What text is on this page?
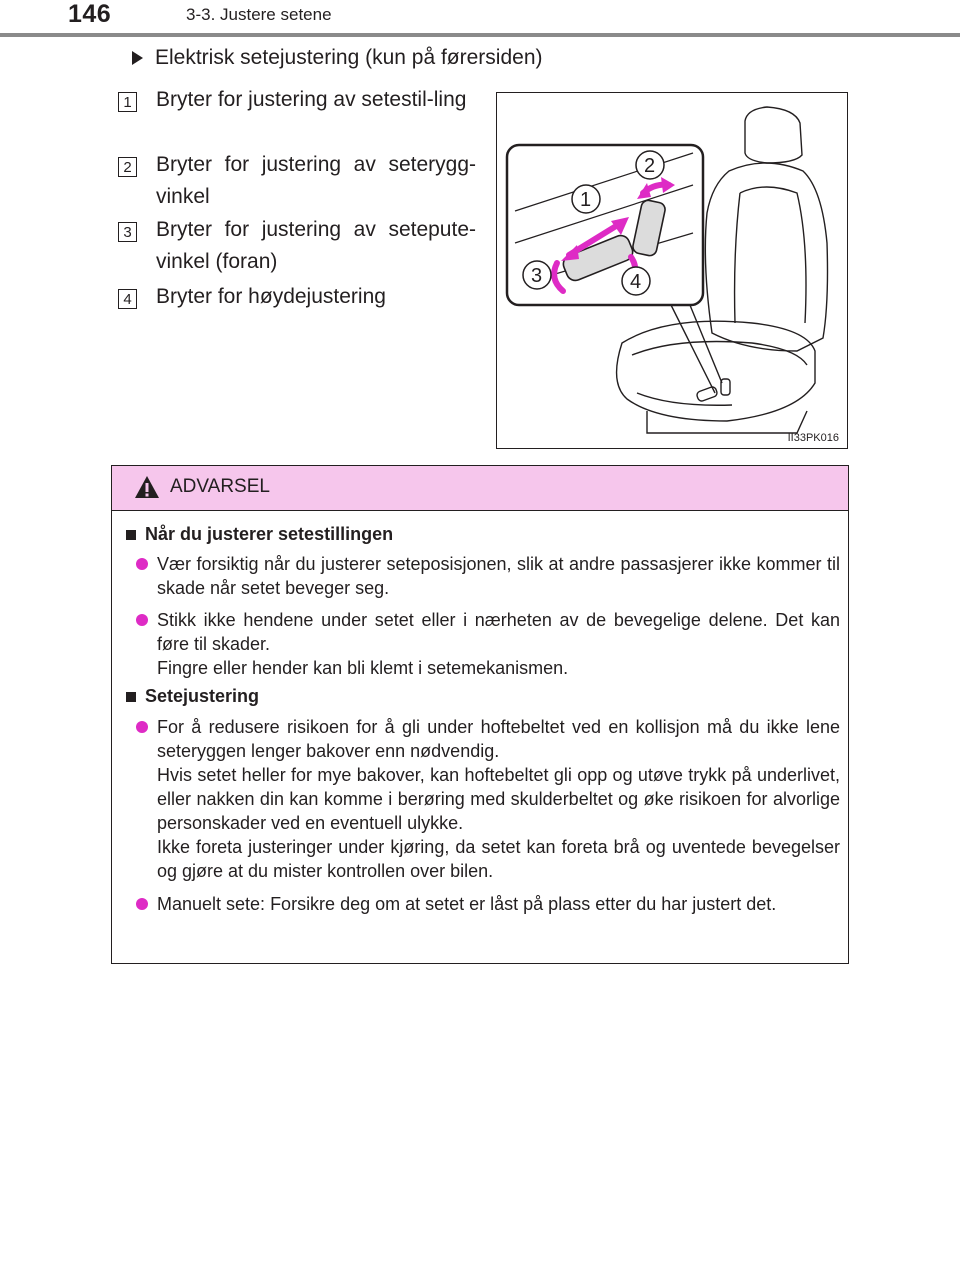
146	3-3. Justere setene
Elektrisk setejustering (kun på førersiden)
1 Bryter for justering av setestil-ling
2 Bryter for justering av seterygg-vinkel
3 Bryter for justering av setepute-vinkel (foran)
4 Bryter for høydejustering
1
2
3	4
II33PK016
ADVARSEL
Når du justerer setestillingen

Vær forsiktig når du justerer seteposisjonen, slik at andre passasjerer ikke kommer til skade når setet beveger seg.

Stikk ikke hendene under setet eller i nærheten av de bevegelige delene. Det kan føre til skader.

Fingre eller hender kan bli klemt i setemekanismen.

Setejustering

For å redusere risikoen for å gli under hoftebeltet ved en kollisjon må du ikke lene seteryggen lenger bakover enn nødvendig.

Hvis setet heller for mye bakover, kan hoftebeltet gli opp og utøve trykk på underlivet, eller nakken din kan komme i berøring med skulderbeltet og øke risikoen for alvorlige personskader ved en eventuell ulykke.

Ikke foreta justeringer under kjøring, da setet kan foreta brå og uventede bevegelser og gjøre at du mister kontrollen over bilen.

Manuelt sete: Forsikre deg om at setet er låst på plass etter du har justert det.
